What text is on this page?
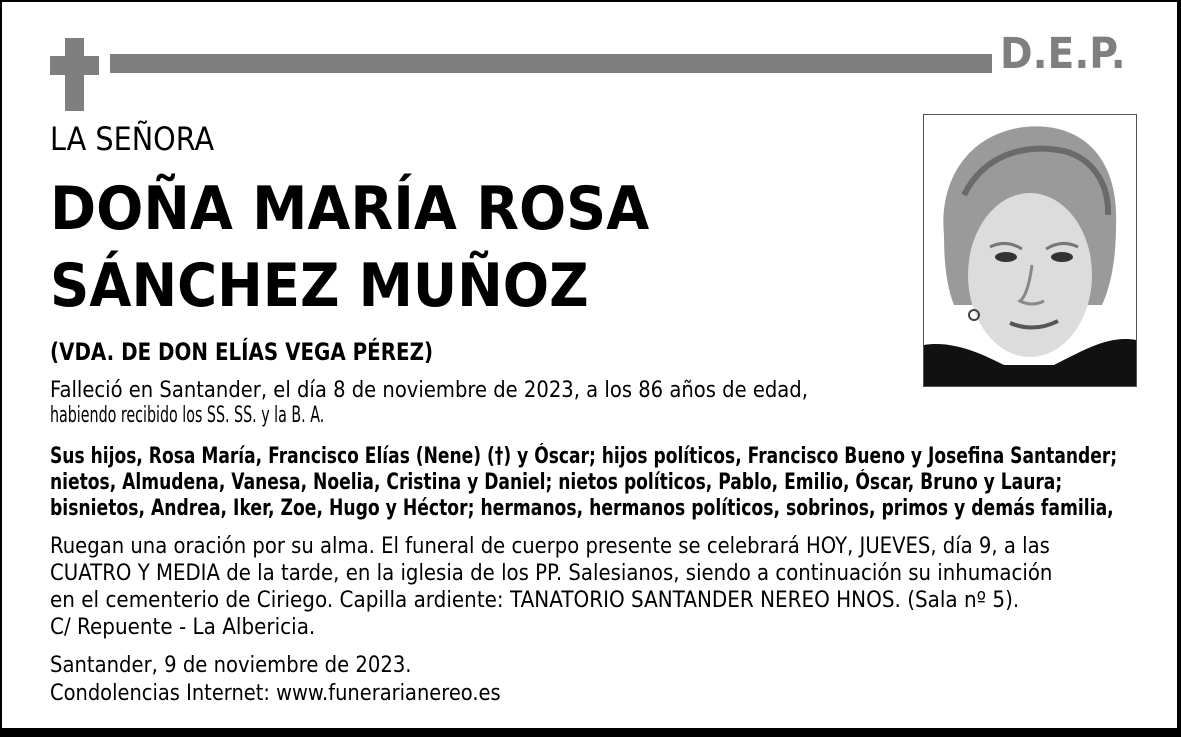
D.E.P.
LA SEÑORA
DOÑA MARÍA ROSA
SÁNCHEZ MUÑOZ
(VDA. DE DON ELÍAS VEGA PÉREZ)
Falleció en Santander, el día 8 de noviembre de 2023, a los 86 años de edad,
habiendo recibido los SS. SS. y la B. A.
Sus hijos, Rosa María, Francisco Elías (Nene) (†) y Óscar; hijos políticos, Francisco Bueno y Josefina Santander;
nietos, Almudena, Vanesa, Noelia, Cristina y Daniel; nietos políticos, Pablo, Emilio, Óscar, Bruno y Laura;
bisnietos, Andrea, Iker, Zoe, Hugo y Héctor; hermanos, hermanos políticos, sobrinos, primos y demás familia,
Ruegan una oración por su alma. El funeral de cuerpo presente se celebrará HOY, JUEVES, día 9, a las
CUATRO Y MEDIA de la tarde, en la iglesia de los PP. Salesianos, siendo a continuación su inhumación
en el cementerio de Ciriego. Capilla ardiente: TANATORIO SANTANDER NEREO HNOS. (Sala nº 5).
C/ Repuente - La Albericia.
Santander, 9 de noviembre de 2023.
Condolencias Internet: www.funerarianereo.es
